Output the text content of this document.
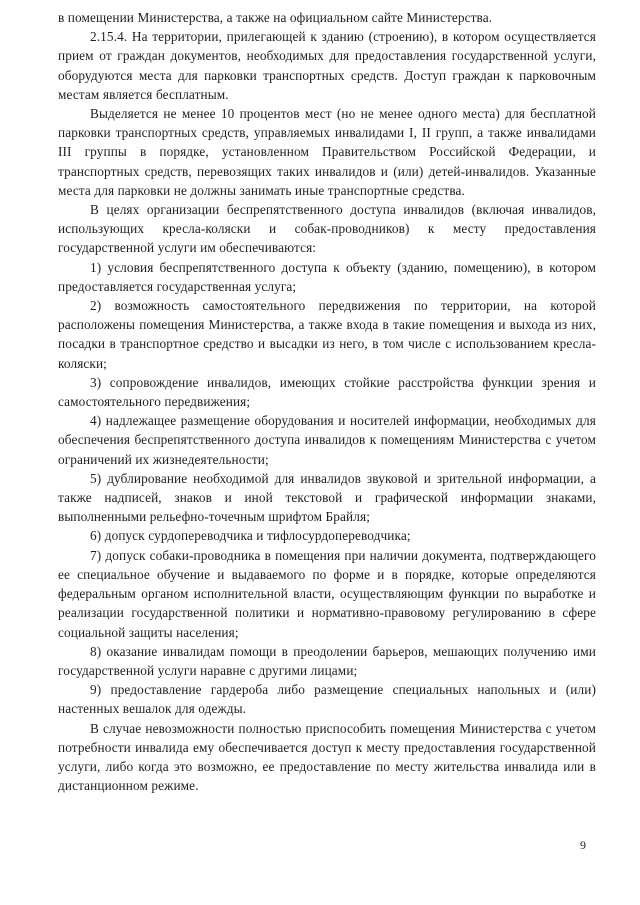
в помещении Министерства, а также на официальном сайте Министерства.

2.15.4. На территории, прилегающей к зданию (строению), в котором осуществляется прием от граждан документов, необходимых для предоставления государственной услуги, оборудуются места для парковки транспортных средств. Доступ граждан к парковочным местам является бесплатным.

Выделяется не менее 10 процентов мест (но не менее одного места) для бесплатной парковки транспортных средств, управляемых инвалидами I, II групп, а также инвалидами III группы в порядке, установленном Правительством Российской Федерации, и транспортных средств, перевозящих таких инвалидов и (или) детей-инвалидов. Указанные места для парковки не должны занимать иные транспортные средства.

В целях организации беспрепятственного доступа инвалидов (включая инвалидов, использующих кресла-коляски и собак-проводников) к месту предоставления государственной услуги им обеспечиваются:

1) условия беспрепятственного доступа к объекту (зданию, помещению), в котором предоставляется государственная услуга;

2) возможность самостоятельного передвижения по территории, на которой расположены помещения Министерства, а также входа в такие помещения и выхода из них, посадки в транспортное средство и высадки из него, в том числе с использованием кресла-коляски;

3) сопровождение инвалидов, имеющих стойкие расстройства функции зрения и самостоятельного передвижения;

4) надлежащее размещение оборудования и носителей информации, необходимых для обеспечения беспрепятственного доступа инвалидов к помещениям Министерства с учетом ограничений их жизнедеятельности;

5) дублирование необходимой для инвалидов звуковой и зрительной информации, а также надписей, знаков и иной текстовой и графической информации знаками, выполненными рельефно-точечным шрифтом Брайля;

6) допуск сурдопереводчика и тифлосурдопереводчика;

7) допуск собаки-проводника в помещения при наличии документа, подтверждающего ее специальное обучение и выдаваемого по форме и в порядке, которые определяются федеральным органом исполнительной власти, осуществляющим функции по выработке и реализации государственной политики и нормативно-правовому регулированию в сфере социальной защиты населения;

8) оказание инвалидам помощи в преодолении барьеров, мешающих получению ими государственной услуги наравне с другими лицами;

9) предоставление гардероба либо размещение специальных напольных и (или) настенных вешалок для одежды.

В случае невозможности полностью приспособить помещения Министерства с учетом потребности инвалида ему обеспечивается доступ к месту предоставления государственной услуги, либо когда это возможно, ее предоставление по месту жительства инвалида или в дистанционном режиме.

9
